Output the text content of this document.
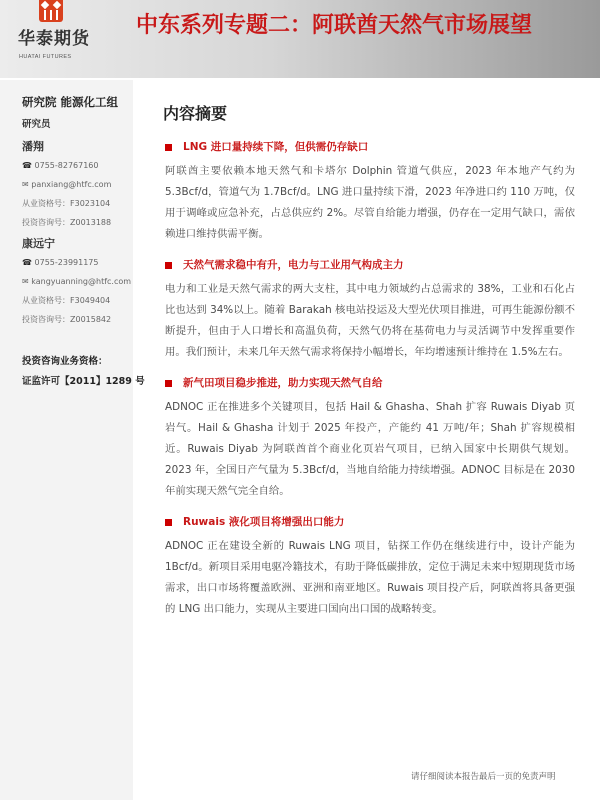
华泰期货
HUATAI FUTURES
中东系列专题二：阿联酋天然气市场展望
研究院 能源化工组
研究员
潘翔
☎ 0755-82767160
✉ panxiang@htfc.com
从业资格号：F3023104
投资咨询号：Z0013188
康远宁
☎ 0755-23991175
✉ kangyuanning@htfc.com
从业资格号：F3049404
投资咨询号：Z0015842
投资咨询业务资格：
证监许可【2011】1289 号
内容摘要
LNG 进口量持续下降，但供需仍存缺口
阿联酋主要依赖本地天然气和卡塔尔 Dolphin 管道气供应，2023 年本地产气约为 5.3Bcf/d，管道气为 1.7Bcf/d。LNG 进口量持续下滑，2023 年净进口约 110 万吨，仅用于调峰或应急补充，占总供应约 2%。尽管自给能力增强，仍存在一定用气缺口，需依赖进口维持供需平衡。
天然气需求稳中有升，电力与工业用气构成主力
电力和工业是天然气需求的两大支柱，其中电力领域约占总需求的 38%，工业和石化占比也达到 34%以上。随着 Barakah 核电站投运及大型光伏项目推进，可再生能源份额不断提升，但由于人口增长和高温负荷，天然气仍将在基荷电力与灵活调节中发挥重要作用。我们预计，未来几年天然气需求将保持小幅增长，年均增速预计维持在 1.5%左右。
新气田项目稳步推进，助力实现天然气自给
ADNOC 正在推进多个关键项目，包括 Hail & Ghasha、Shah 扩容 Ruwais Diyab 页岩气。Hail & Ghasha 计划于 2025 年投产，产能约 41 万吨/年；Shah 扩容规模相近。Ruwais Diyab 为阿联酋首个商业化页岩气项目，已纳入国家中长期供气规划。2023 年，全国日产气量为 5.3Bcf/d，当地自给能力持续增强。ADNOC 目标是在 2030 年前实现天然气完全自给。
Ruwais 液化项目将增强出口能力
ADNOC 正在建设全新的 Ruwais LNG 项目，钻探工作仍在继续进行中，设计产能为 1Bcf/d。新项目采用电驱冷籍技术，有助于降低碳排放，定位于满足未来中短期现货市场需求，出口市场将覆盖欧洲、亚洲和南亚地区。Ruwais 项目投产后，阿联酋将具备更强的 LNG 出口能力，实现从主要进口国向出口国的战略转变。
请仔细阅读本报告最后一页的免责声明
